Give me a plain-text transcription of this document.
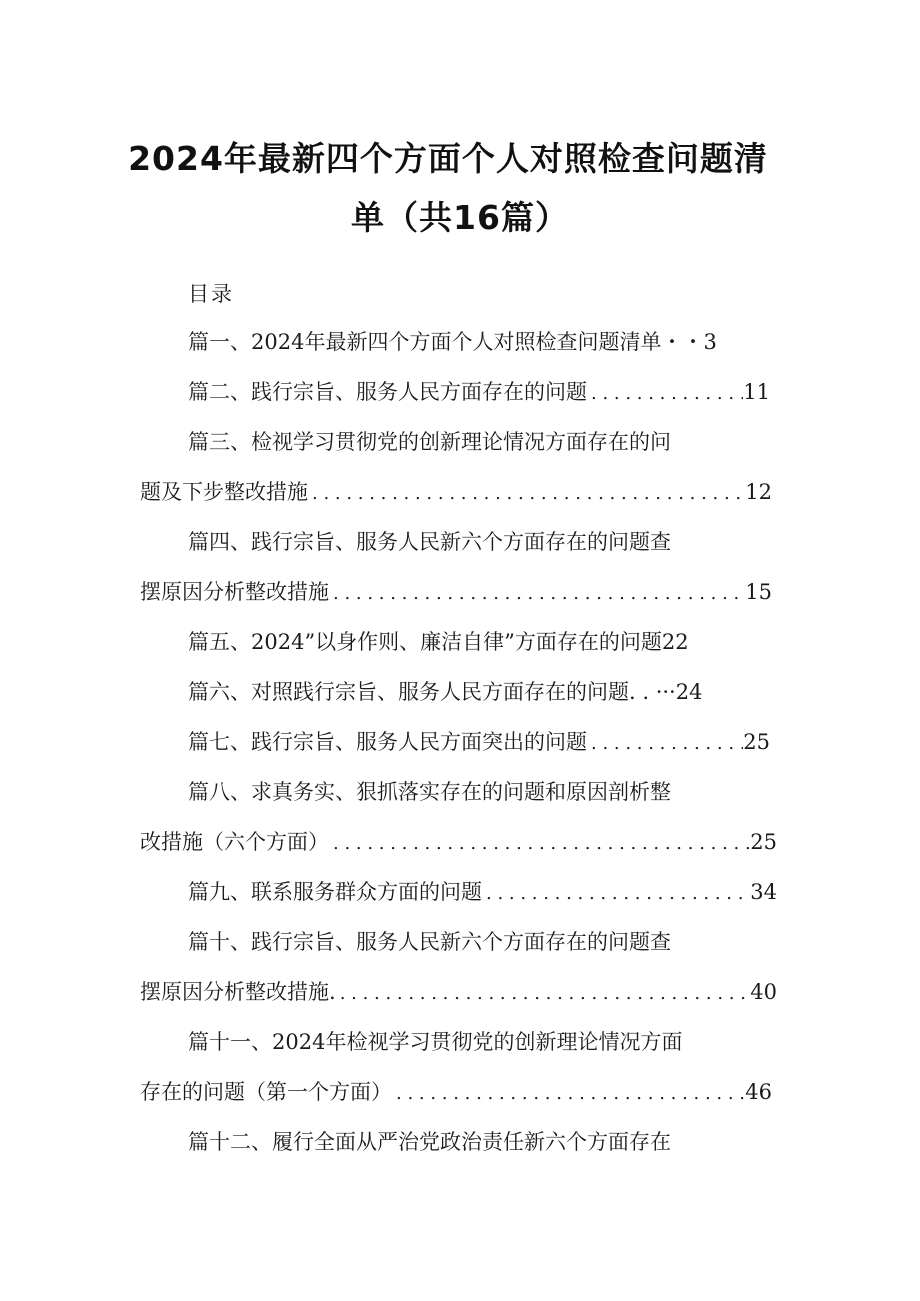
2024年最新四个方面个人对照检查问题清
单（共16篇）
目录
篇一、2024年最新四个方面个人对照检查问题清单・・3
篇二、践行宗旨、服务人民方面存在的问题 . . .	11
篇三、检视学习贯彻党的创新理论情况方面存在的问
题及下步整改措施 . . .	12
篇四、践行宗旨、服务人民新六个方面存在的问题查
摆原因分析整改措施 . . .	15
篇五、2024”以身作则、廉洁自律”方面存在的问题22
篇六、对照践行宗旨、服务人民方面存在的问题. . ···24
篇七、践行宗旨、服务人民方面突出的问题 . . .	25
篇八、求真务实、狠抓落实存在的问题和原因剖析整
改措施（六个方面） . . .	25
篇九、联系服务群众方面的问题 . . .	34
篇十、践行宗旨、服务人民新六个方面存在的问题查
摆原因分析整改措施. . . .	40
篇十一、2024年检视学习贯彻党的创新理论情况方面
存在的问题（第一个方面） . . .	46
篇十二、履行全面从严治党政治责任新六个方面存在
